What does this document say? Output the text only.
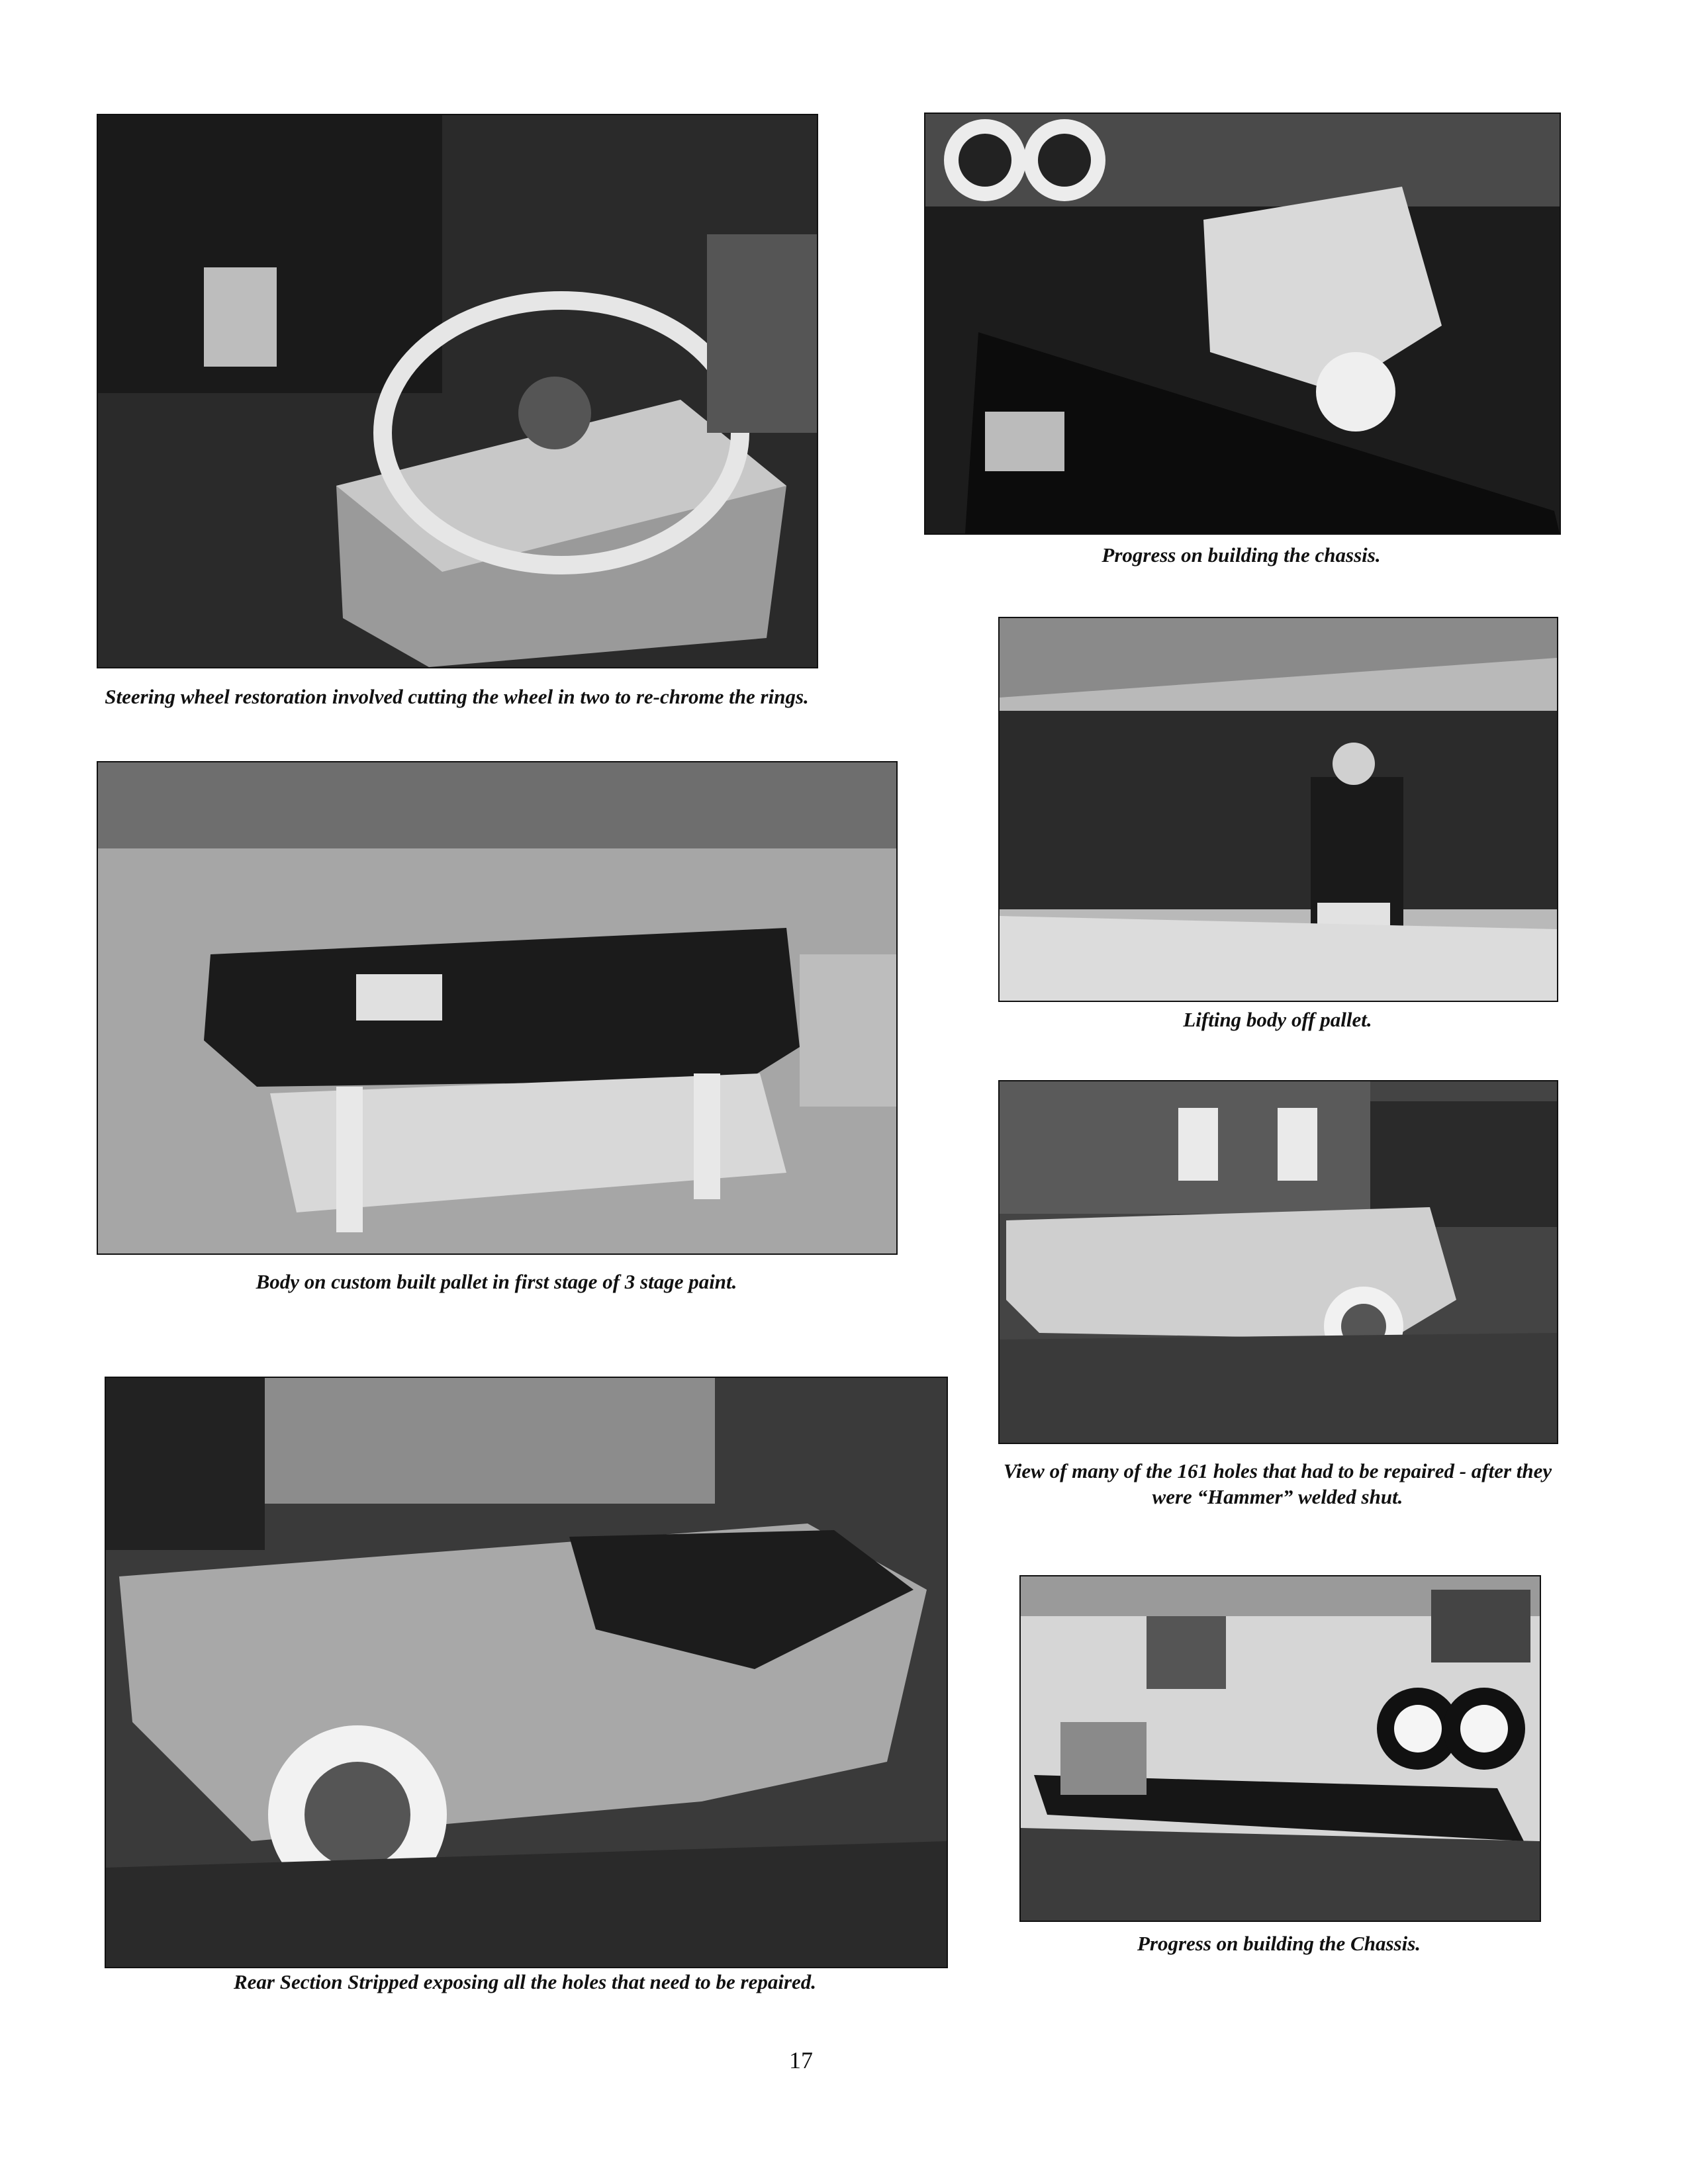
Steering wheel restoration involved cutting the wheel in two to re-chrome the rings.
Progress on building the chassis.
Lifting body off pallet.
Body on custom built pallet in first stage of 3 stage paint.
View of many of the 161 holes that had to be repaired - after they were “Hammer” welded shut.
Rear Section Stripped exposing all the holes that need to be repaired.
Progress on building the Chassis.
17
